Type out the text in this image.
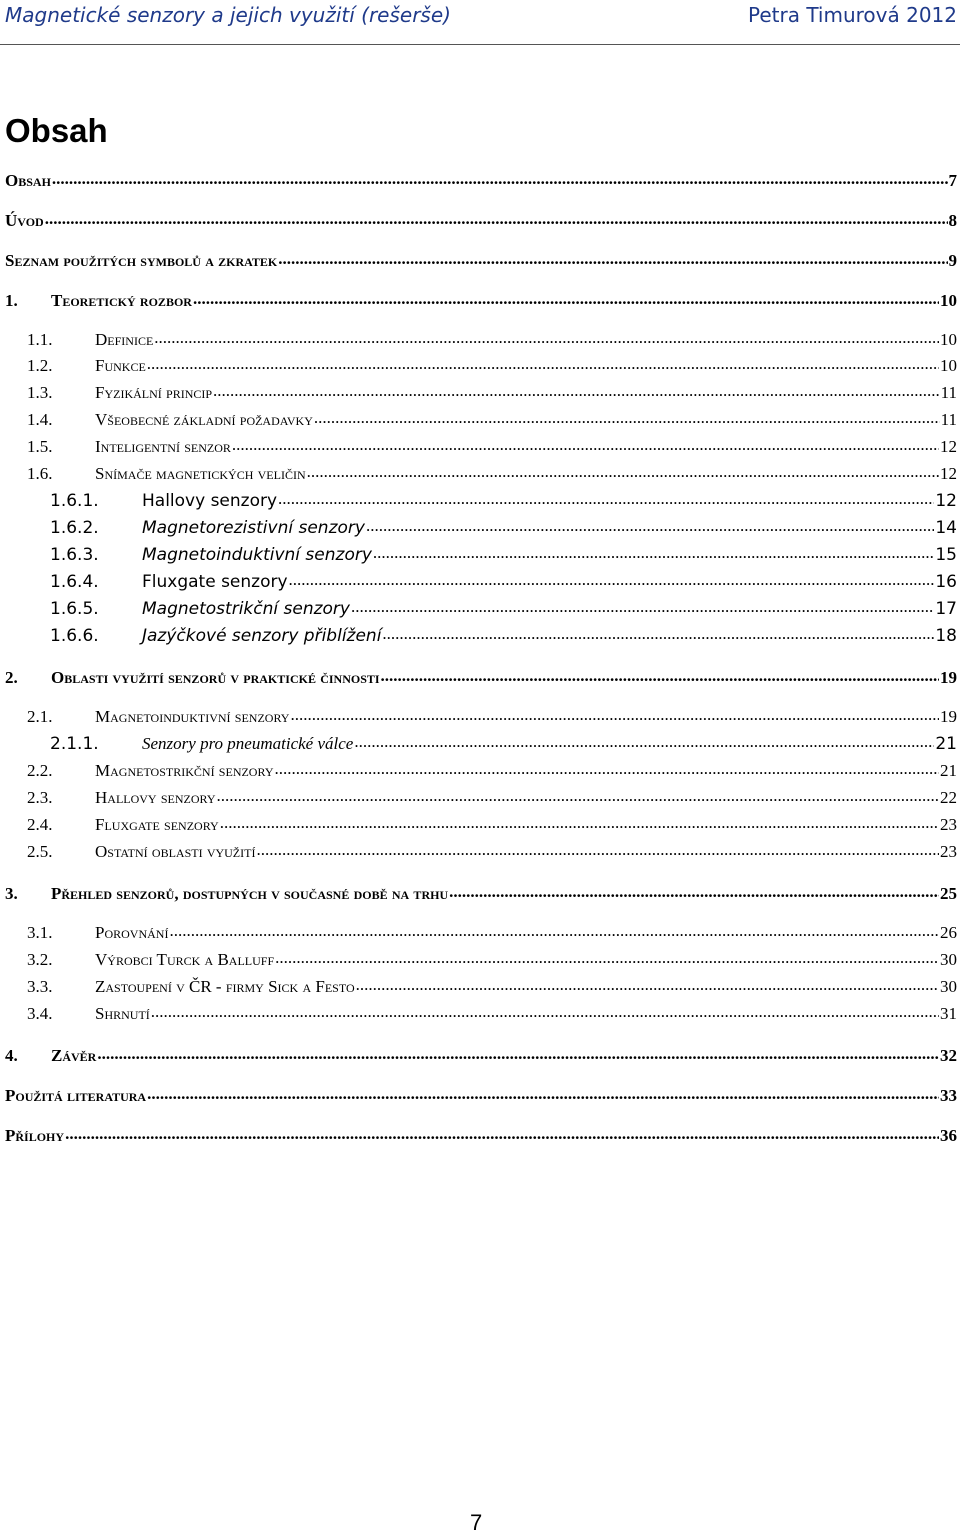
Magnetické senzory a jejich využití (rešerše)	Petra Timurová 2012
Obsah
Obsah .....	7
Úvod .....	8
Seznam použitých symbolů a zkratek .....	9
1.	Teoretický rozbor .....	10
1.1.	Definice .....	10
1.2.	Funkce .....	10
1.3.	Fyzikální princip .....	11
1.4.	Všeobecné základní požadavky .....	11
1.5.	Inteligentní senzor .....	12
1.6.	Snímače magnetických veličin .....	12
1.6.1.	Hallovy senzory .....	12
1.6.2.	Magnetorezistivní senzory .....	14
1.6.3.	Magnetoinduktivní senzory .....	15
1.6.4.	Fluxgate senzory .....	16
1.6.5.	Magnetostrikční senzory .....	17
1.6.6.	Jazýčkové senzory přiblížení .....	18
2.	Oblasti využití senzorů v praktické činnosti .....	19
2.1.	Magnetoinduktivní senzory .....	19
2.1.1.	Senzory pro pneumatické válce .....	21
2.2.	Magnetostrikční senzory .....	21
2.3.	Hallovy senzory .....	22
2.4.	Fluxgate senzory .....	23
2.5.	Ostatní oblasti využití .....	23
3.	Přehled senzorů, dostupných v současné době na trhu .....	25
3.1.	Porovnání .....	26
3.2.	Výrobci Turck a Balluff .....	30
3.3.	Zastoupení v ČR - firmy Sick a Festo .....	30
3.4.	Shrnutí .....	31
4.	Závěr .....	32
Použitá literatura .....	33
Přílohy .....	36
7
